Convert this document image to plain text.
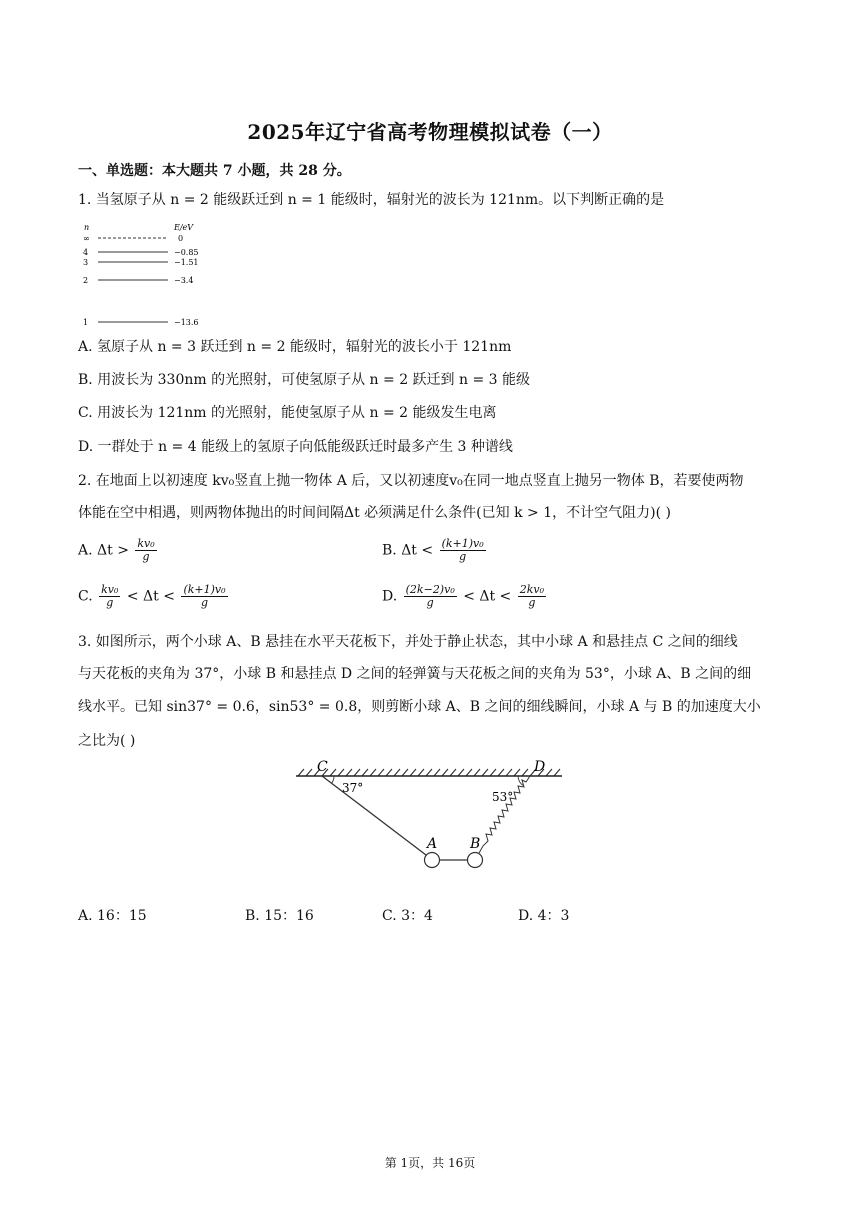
2025年辽宁省高考物理模拟试卷（一）
一、单选题：本大题共 7 小题，共 28 分。
1. 当氢原子从 n = 2 能级跃迁到 n = 1 能级时，辐射光的波长为 121nm。以下判断正确的是
n	E/eV
∞	0
4	−0.85
3	−1.51
2	−3.4
1	−13.6
A. 氢原子从 n = 3 跃迁到 n = 2 能级时，辐射光的波长小于 121nm
B. 用波长为 330nm 的光照射，可使氢原子从 n = 2 跃迁到 n = 3 能级
C. 用波长为 121nm 的光照射，能使氢原子从 n = 2 能级发生电离
D. 一群处于 n = 4 能级上的氢原子向低能级跃迁时最多产生 3 种谱线
2. 在地面上以初速度 kv₀竖直上抛一物体 A 后，又以初速度v₀在同一地点竖直上抛另一物体 B，若要使两物
体能在空中相遇，则两物体抛出的时间间隔Δt 必须满足什么条件(已知 k > 1，不计空气阻力)( )
A. $\Delta t > \frac{\text{kv₀}}{g}$	B. $\Delta t < \frac{\text{(k+1)v₀}}{g}$
C. $\frac{\text{kv₀}}{g} < \Delta t < \frac{\text{(k+1)v₀}}{g}$	D. $\frac{\text{(2k−2)v₀}}{g} < \Delta t < \frac{\text{2kv₀}}{g}$
3. 如图所示，两个小球 A、B 悬挂在水平天花板下，并处于静止状态，其中小球 A 和悬挂点 C 之间的细线
与天花板的夹角为 37°，小球 B 和悬挂点 D 之间的轻弹簧与天花板之间的夹角为 53°，小球 A、B 之间的细
线水平。已知 sin37° = 0.6，sin53° = 0.8，则剪断小球 A、B 之间的细线瞬间，小球 A 与 B 的加速度大小
之比为( )
C	D
37°
53°
A B
A. 16：15	B. 15：16	C. 3：4	D. 4：3
第 1页，共 16页
